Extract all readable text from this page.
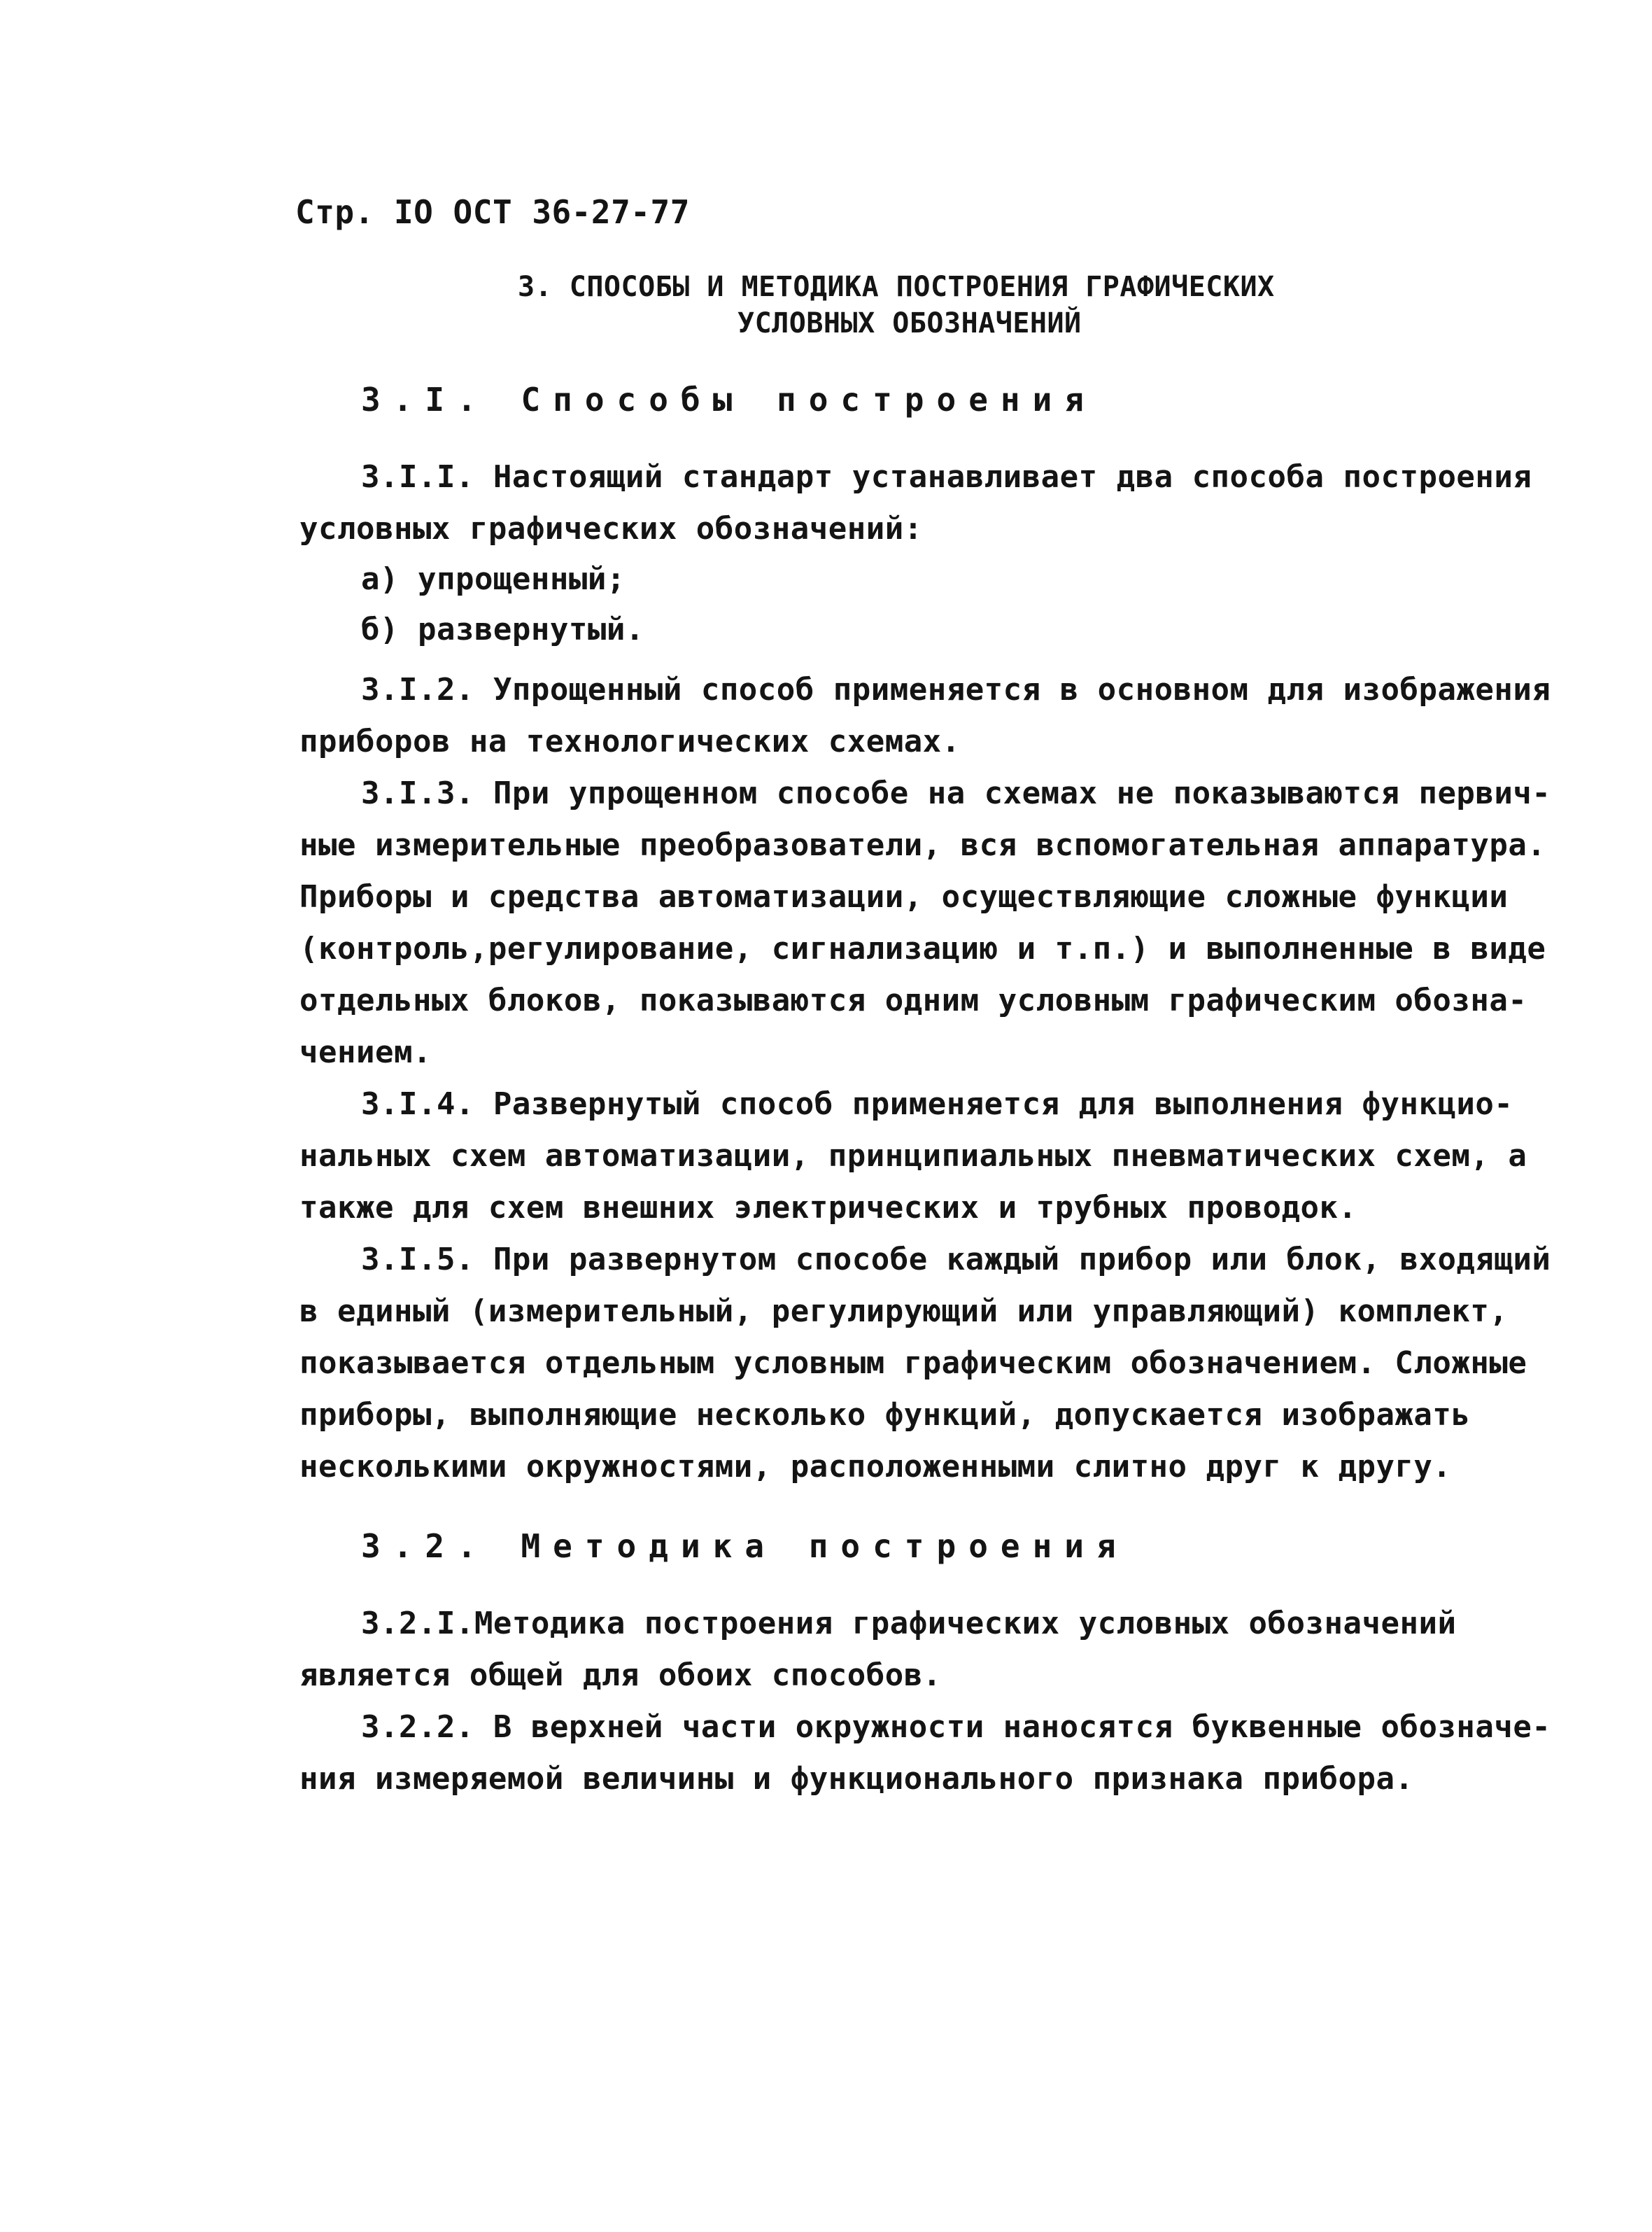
Стр. IO ОСТ 36-27-77
3. СПОСОБЫ И МЕТОДИКА ПОСТРОЕНИЯ ГРАФИЧЕСКИХ
УСЛОВНЫХ ОБОЗНАЧЕНИЙ
3.I. Способы построения
3.I.I. Настоящий стандарт устанавливает два способа построения
условных графических обозначений:
а) упрощенный;
б) развернутый.
3.I.2. Упрощенный способ применяется в основном для изображения
приборов на технологических схемах.
3.I.3. При упрощенном способе на схемах не показываются первич-
ные измерительные преобразователи, вся вспомогательная аппаратура.
Приборы и средства автоматизации, осуществляющие сложные функции
(контроль,регулирование, сигнализацию и т.п.) и выполненные в виде
отдельных блоков, показываются одним условным графическим обозна-
чением.
3.I.4. Развернутый способ применяется для выполнения функцио-
нальных схем автоматизации, принципиальных пневматических схем, а
также для схем внешних электрических и трубных проводок.
3.I.5. При развернутом способе каждый прибор или блок, входящий
в единый (измерительный, регулирующий или управляющий) комплект,
показывается отдельным условным графическим обозначением. Сложные
приборы, выполняющие несколько функций, допускается изображать
несколькими окружностями, расположенными слитно друг к другу.
3.2. Методика построения
3.2.I.Методика построения графических условных обозначений
является общей для обоих способов.
3.2.2. В верхней части окружности наносятся буквенные обозначе-
ния измеряемой величины и функционального признака прибора.
